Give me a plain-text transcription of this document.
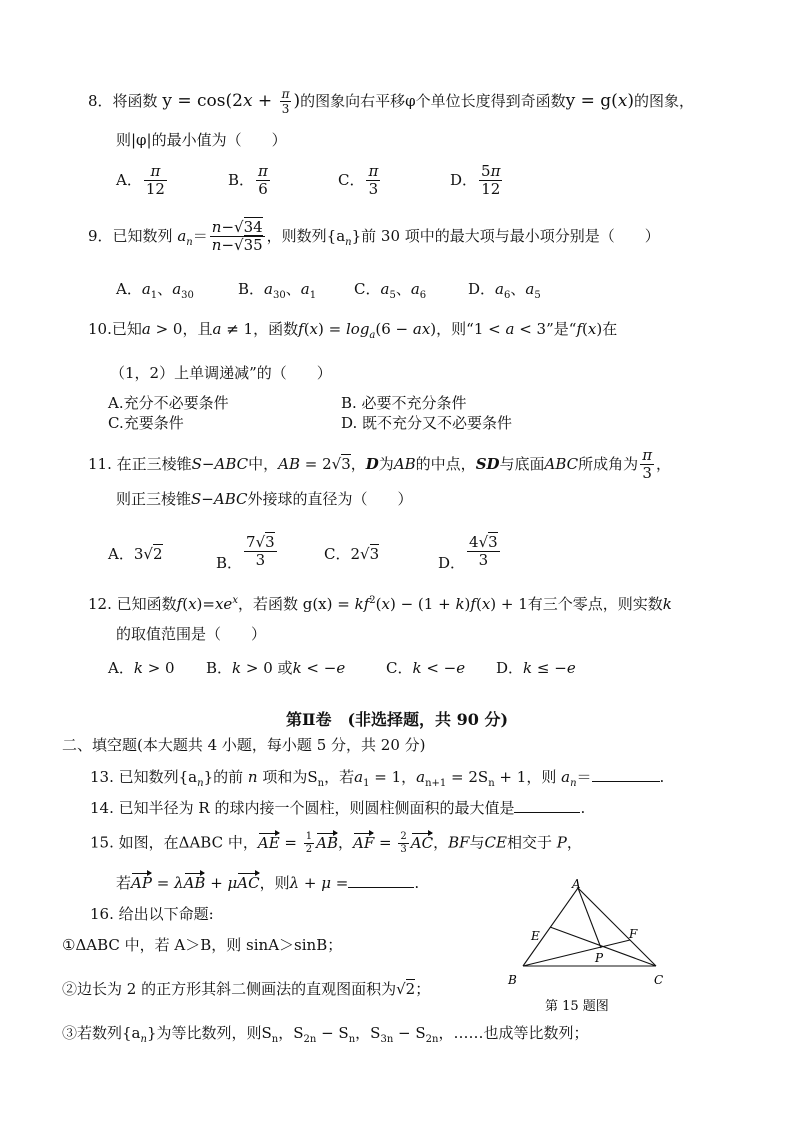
8．将函数 $y = \cos(2x + \frac{\pi}{3}$ )的图象向右平移φ个单位长度得到奇函数y = g(x)的图象，
则|φ|的最小值为（　　）
A． $\frac{\pi}{12}$	B． $\frac{\pi}{6}$	C． $\frac{\pi}{3}$	D． $\frac{5\pi}{12}$
9．已知数列 $a_n= \frac{n-√34}{n-√35}$ ，则数列$\{a_n\}$前 30 项中的最大项与最小项分别是（　　）
A．$a_1$、$a_{30}$	B．$a_{30}$、$a_1$	C．$a_5$、$a_6$	D．$a_6$、$a_5$
10.已知a > 0，且a ≠ 1，函数$f(x) = \log_a(6 - ax)$，则“1 < a < 3”是“f(x)在
（1，2）上单调递减”的（　　）
A.充分不必要条件	B. 必要不充分条件
C.充要条件	D. 既不充分又不必要条件
11. 在正三棱锥S−ABC中，AB = 2√3，D为AB的中点，SD与底面ABC所成角为 $\frac{\pi}{3}$ ，
则正三棱锥S−ABC外接球的直径为（　　）
A．3√2	B． $\frac{7√3}{3}$	C．2√3	D． $\frac{4√3}{3}$
12. 已知函数$f(x)=xe^x$，若函数 $g(x) = kf^2(x) - (1 + k)f(x) + 1$有三个零点，则实数k
的取值范围是（　　）
A．k > 0 B．k > 0 或k < −e	C．k < −e D．k ≤ −e
第Ⅱ卷　(非选择题，共 90 分)
二、填空题(本大题共 4 小题，每小题 5 分，共 20 分)
13. 已知数列$\{a_n\}$的前 n 项和为$S_n$，若$a_1 = 1$，$a_{n+1} = 2S_n + 1$，则 $a_n=$	.
14. 已知半径为 R 的球内接一个圆柱，则圆柱侧面积的最大值是	.
15. 如图，在ΔABC 中，AE = $\frac{1}{2}$ AB，AF = $\frac{2}{3}$ AC，BF与CE相交于 P，
若AP = λAB + μAC，则λ + μ =	.
16. 给出以下命题:
①ΔABC 中，若 A＞B，则 sinA＞sinB；
②边长为 2 的正方形其斜二侧画法的直观图面积为√2；
③若数列$\{a_n\}$为等比数列，则$S_n$，$S_{2n} - S_n$，$S_{3n} - S_{2n}$，……也成等比数列；
A
B	C
E	F
P
第 15 题图
